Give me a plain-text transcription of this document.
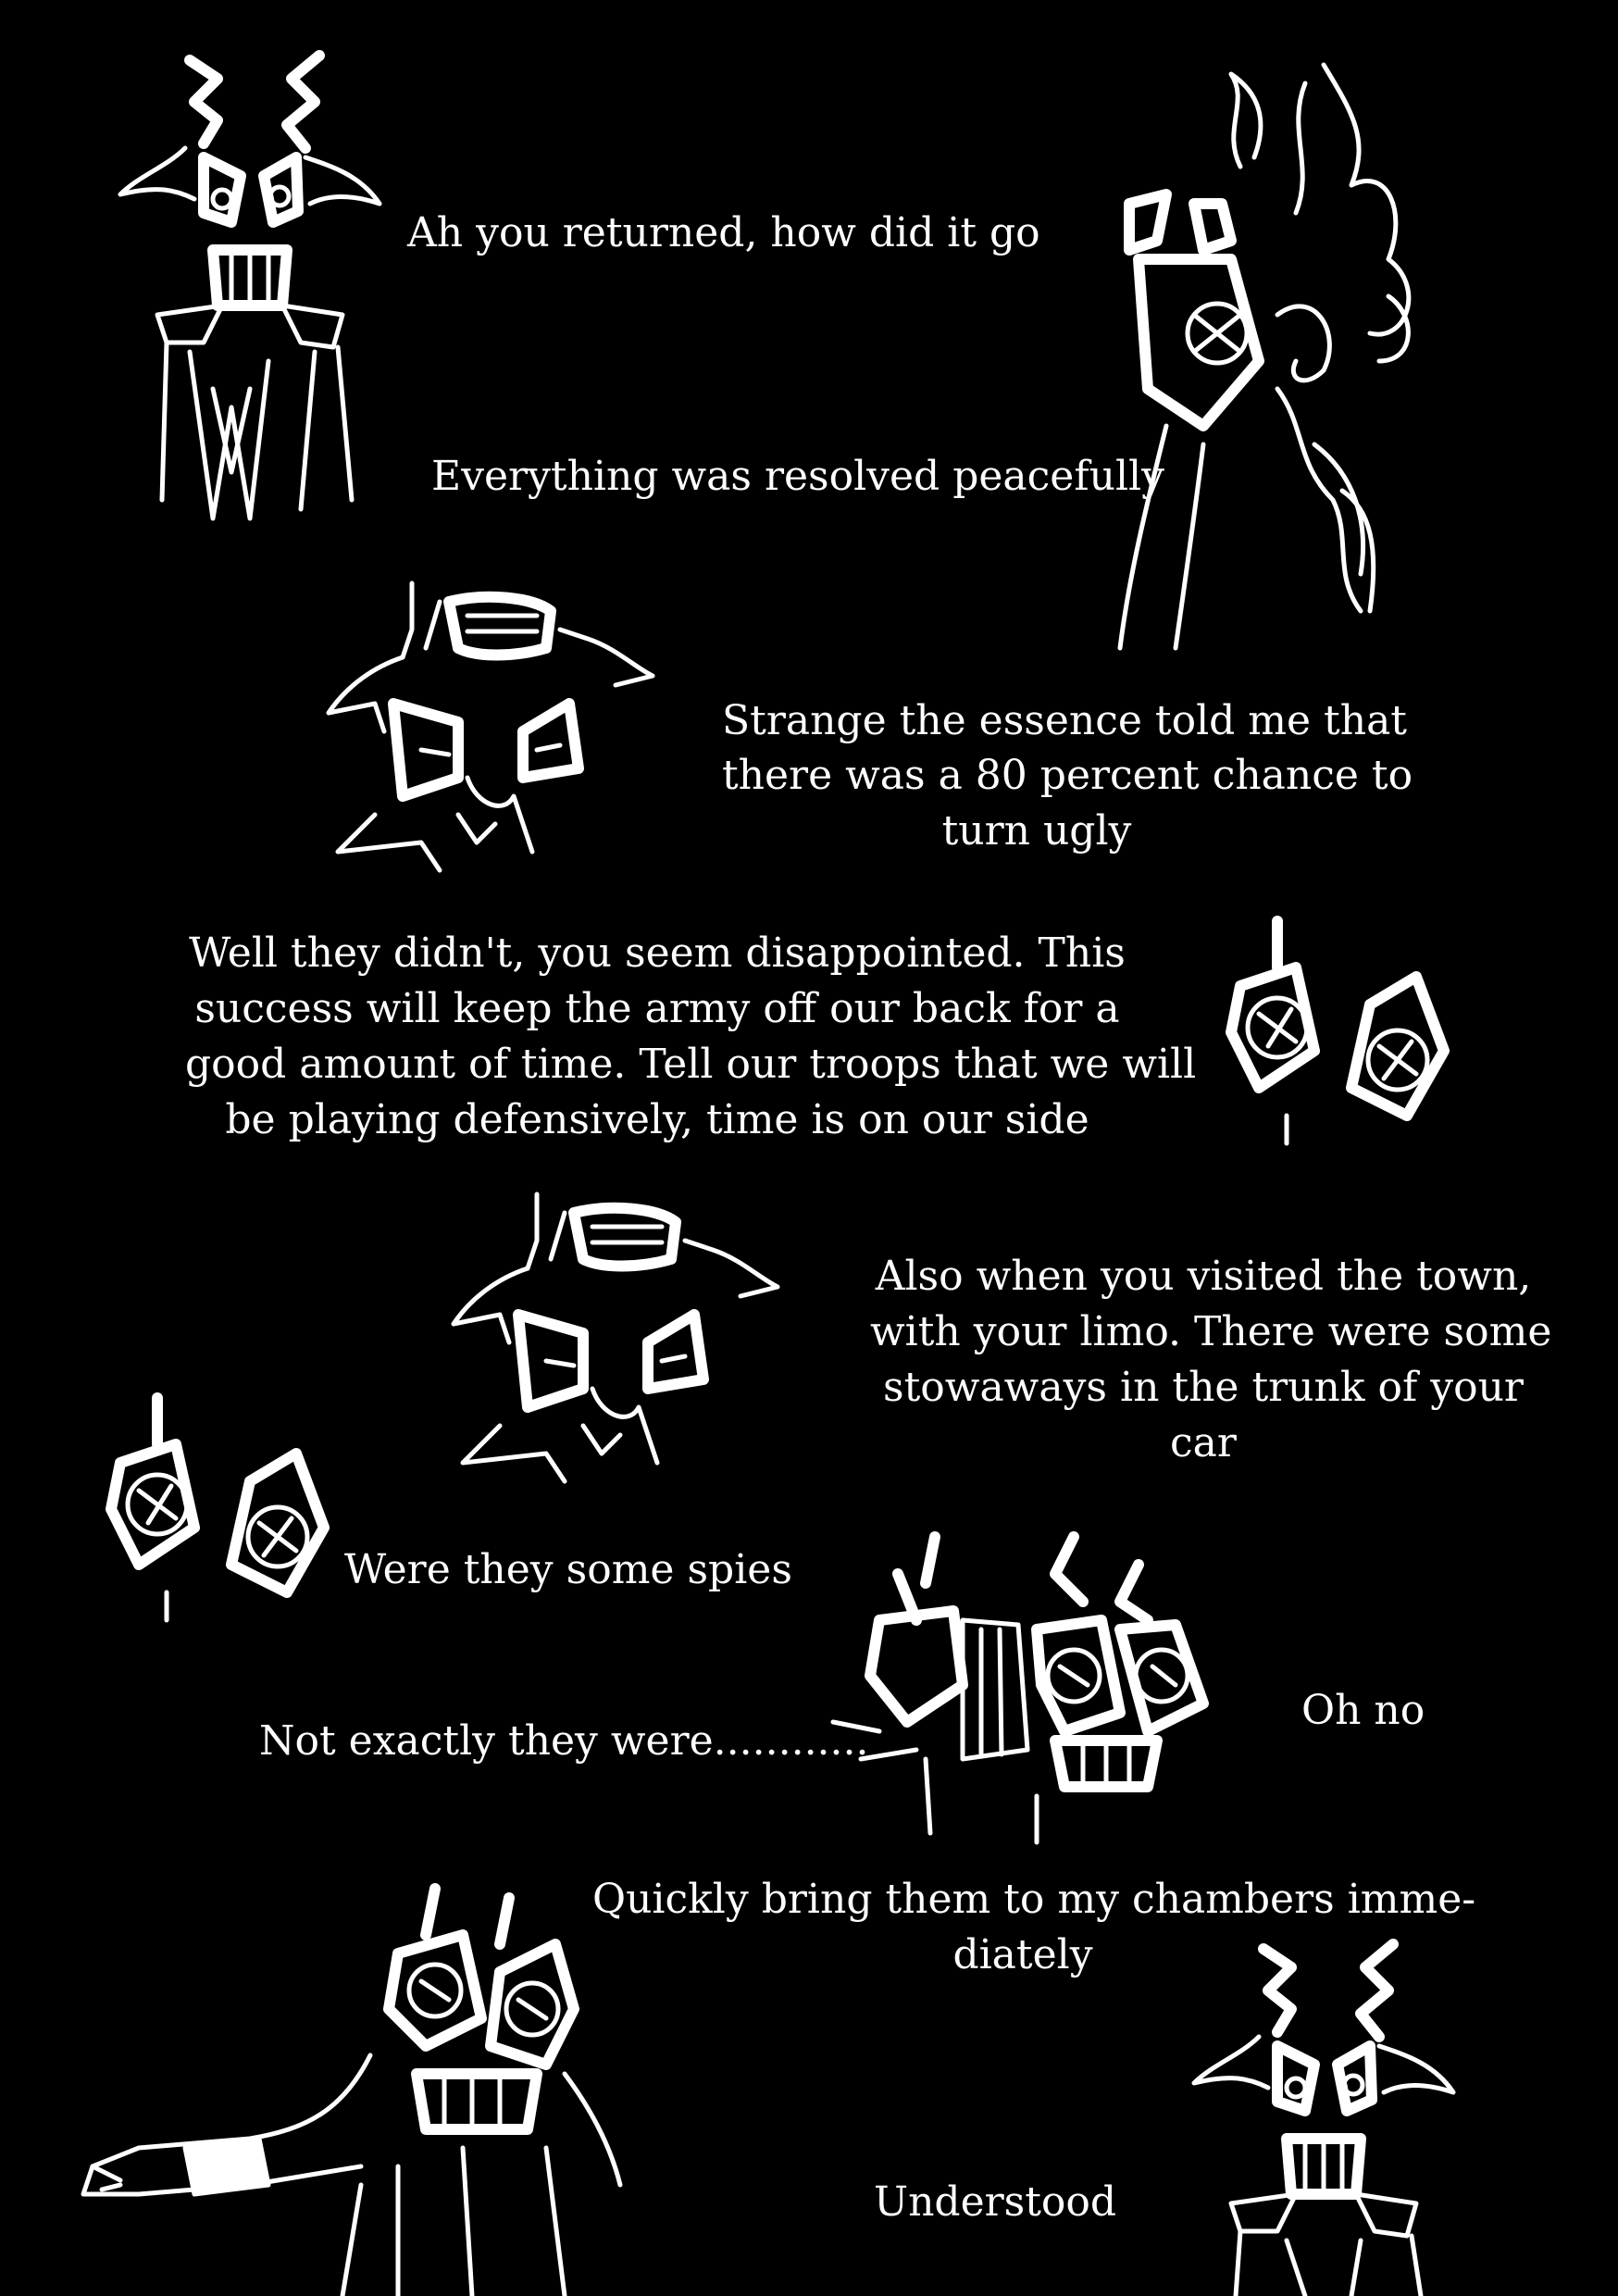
Ah you returned, how did it go
Everything was resolved peacefully
Strange the essence told me that
there was a 80 percent chance to
turn ugly
Well they didn't, you seem disappointed. This
success will keep the army off our back for a
good amount of time. Tell our troops that we will
be playing defensively, time is on our side
Also when you visited the town,
with your limo. There were some
stowaways in the trunk of your
car
Were they some spies
Not exactly they were............
Oh no
Quickly bring them to my chambers imme-
diately
Understood
